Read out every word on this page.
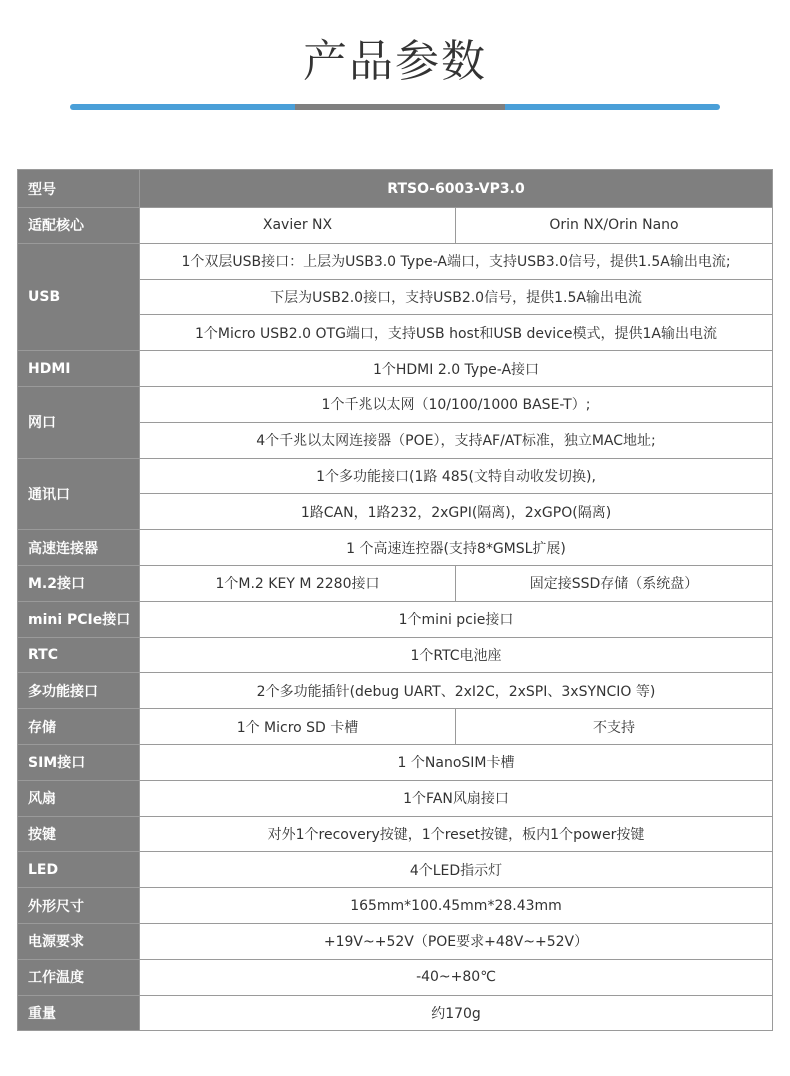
产品参数
型号	RTSO-6003-VP3.0	
适配核心	Xavier NX	Orin NX/Orin Nano
USB	1个双层USB接口：上层为USB3.0 Type-A端口，支持USB3.0信号，提供1.5A输出电流;	
	下层为USB2.0接口，支持USB2.0信号，提供1.5A输出电流	
	1个Micro USB2.0 OTG端口，支持USB host和USB device模式，提供1A输出电流	
HDMI	1个HDMI 2.0 Type-A接口	
网口	1个千兆以太网（10/100/1000 BASE-T）;	
	4个千兆以太网连接器（POE），支持AF/AT标准，独立MAC地址;	
通讯口	1个多功能接口(1路 485(文特自动收发切换),	
	1路CAN，1路232，2xGPI(隔离)，2xGPO(隔离)	
高速连接器	1 个高速连控器(支持8*GMSL扩展)	
M.2接口	1个M.2 KEY M 2280接口	固定接SSD存储（系统盘）
mini PCIe接口	1个mini pcie接口	
RTC	1个RTC电池座	
多功能接口	2个多功能插针(debug UART、2xI2C，2xSPI、3xSYNCIO 等)	
存储	1个 Micro SD 卡槽	不支持
SIM接口	1 个NanoSIM卡槽	
风扇	1个FAN风扇接口	
按键	对外1个recovery按键，1个reset按键，板内1个power按键	
LED	4个LED指示灯	
外形尺寸	165mm*100.45mm*28.43mm	
电源要求	+19V~+52V（POE要求+48V~+52V）	
工作温度	-40~+80℃	
重量	约170g	
